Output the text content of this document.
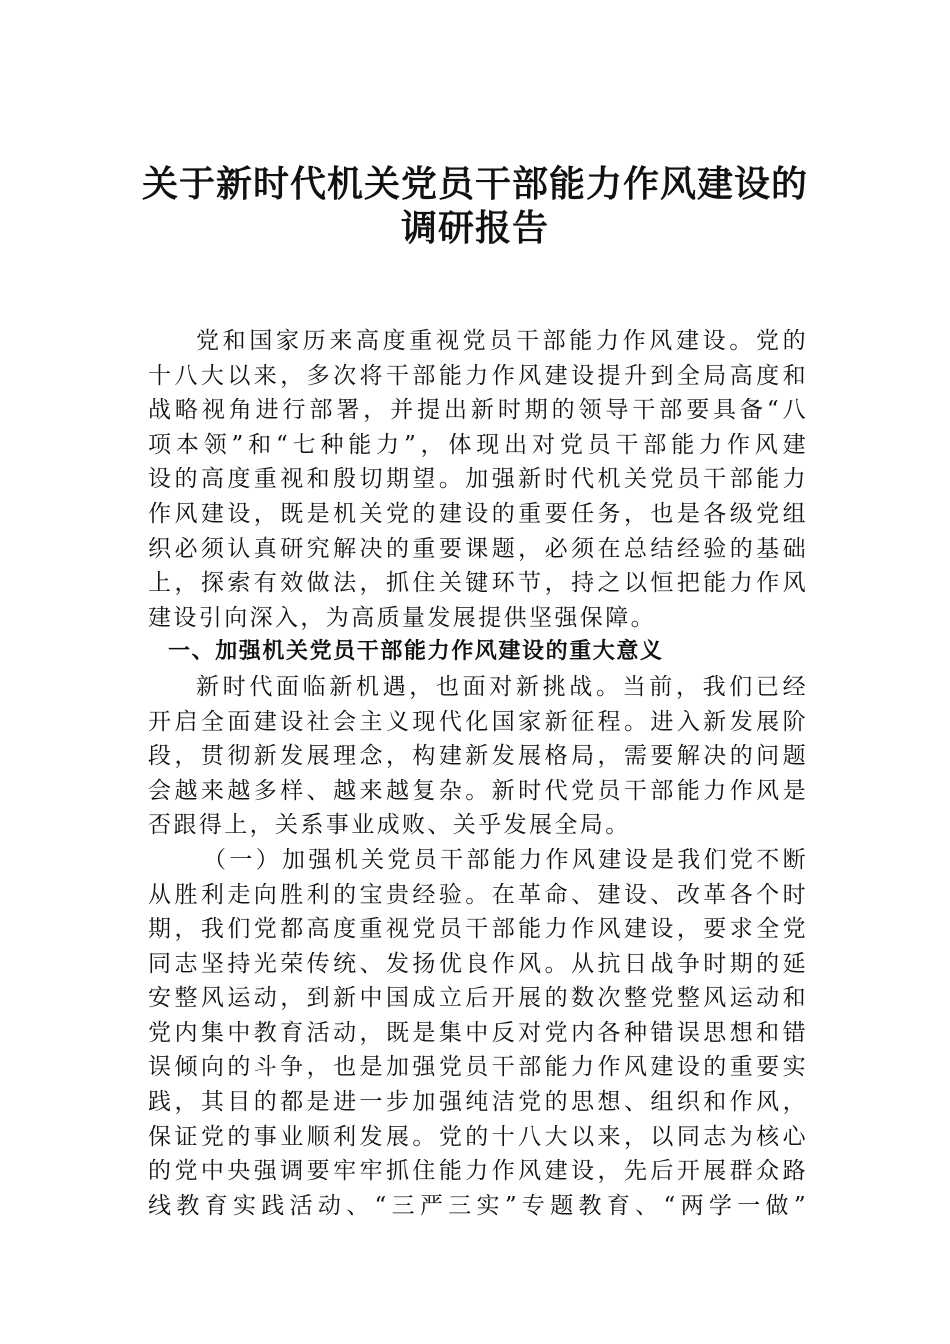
关于新时代机关党员干部能力作风建设的
调研报告
党和国家历来高度重视党员干部能力作风建设。党的
十八大以来，多次将干部能力作风建设提升到全局高度和
战略视角进行部署，并提出新时期的领导干部要具备“八
项本领”和“七种能力”，体现出对党员干部能力作风建
设的高度重视和殷切期望。加强新时代机关党员干部能力
作风建设，既是机关党的建设的重要任务，也是各级党组
织必须认真研究解决的重要课题，必须在总结经验的基础
上，探索有效做法，抓住关键环节，持之以恒把能力作风
建设引向深入，为高质量发展提供坚强保障。
一、加强机关党员干部能力作风建设的重大意义
新时代面临新机遇，也面对新挑战。当前，我们已经
开启全面建设社会主义现代化国家新征程。进入新发展阶
段，贯彻新发展理念，构建新发展格局，需要解决的问题
会越来越多样、越来越复杂。新时代党员干部能力作风是
否跟得上，关系事业成败、关乎发展全局。
（一）加强机关党员干部能力作风建设是我们党不断
从胜利走向胜利的宝贵经验。在革命、建设、改革各个时
期，我们党都高度重视党员干部能力作风建设，要求全党
同志坚持光荣传统、发扬优良作风。从抗日战争时期的延
安整风运动，到新中国成立后开展的数次整党整风运动和
党内集中教育活动，既是集中反对党内各种错误思想和错
误倾向的斗争，也是加强党员干部能力作风建设的重要实
践，其目的都是进一步加强纯洁党的思想、组织和作风，
保证党的事业顺利发展。党的十八大以来，以同志为核心
的党中央强调要牢牢抓住能力作风建设，先后开展群众路
线教育实践活动、“三严三实”专题教育、“两学一做”
